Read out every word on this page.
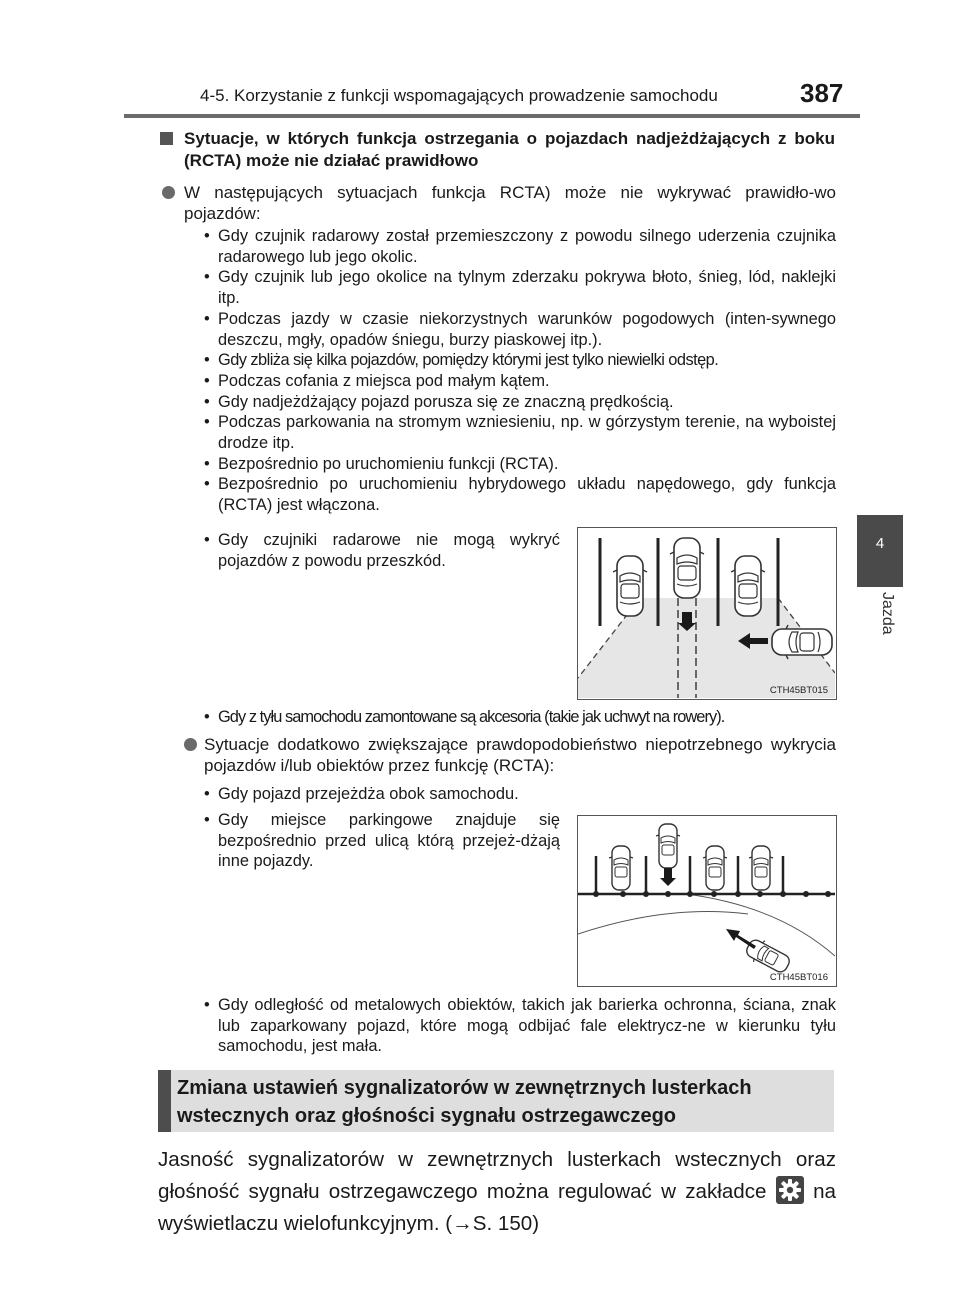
4-5. Korzystanie z funkcji wspomagających prowadzenie samochodu	387
4
Jazda
Sytuacje, w których funkcja ostrzegania o pojazdach nadjeżdżających z boku (RCTA) może nie działać prawidłowo
W następujących sytuacjach funkcja RCTA) może nie wykrywać prawidło-wo pojazdów:
• Gdy czujnik radarowy został przemieszczony z powodu silnego uderzenia czujnika radarowego lub jego okolic.
• Gdy czujnik lub jego okolice na tylnym zderzaku pokrywa błoto, śnieg, lód, naklejki itp.
• Podczas jazdy w czasie niekorzystnych warunków pogodowych (inten-sywnego deszczu, mgły, opadów śniegu, burzy piaskowej itp.).
• Gdy zbliża się kilka pojazdów, pomiędzy którymi jest tylko niewielki odstęp.
• Podczas cofania z miejsca pod małym kątem.
• Gdy nadjeżdżający pojazd porusza się ze znaczną prędkością.
• Podczas parkowania na stromym wzniesieniu, np. w górzystym terenie, na wyboistej drodze itp.
• Bezpośrednio po uruchomieniu funkcji (RCTA).
• Bezpośrednio po uruchomieniu hybrydowego układu napędowego, gdy funkcja (RCTA) jest włączona.
• Gdy czujniki radarowe nie mogą wykryć pojazdów z powodu przeszkód.
CTH45BT015
• Gdy z tyłu samochodu zamontowane są akcesoria (takie jak uchwyt na rowery).
Sytuacje dodatkowo zwiększające prawdopodobieństwo niepotrzebnego wykrycia pojazdów i/lub obiektów przez funkcję (RCTA):
• Gdy pojazd przejeżdża obok samochodu.
• Gdy miejsce parkingowe znajduje się bezpośrednio przed ulicą którą przejeż-dżają inne pojazdy.
CTH45BT016
• Gdy odległość od metalowych obiektów, takich jak barierka ochronna, ściana, znak lub zaparkowany pojazd, które mogą odbijać fale elektrycz-ne w kierunku tyłu samochodu, jest mała.
Zmiana ustawień sygnalizatorów w zewnętrznych lusterkach wstecznych oraz głośności sygnału ostrzegawczego
Jasność sygnalizatorów w zewnętrznych lusterkach wstecznych oraz głośność sygnału ostrzegawczego można regulować w zakładce na wyświetlaczu wielofunkcyjnym. (→S. 150)
